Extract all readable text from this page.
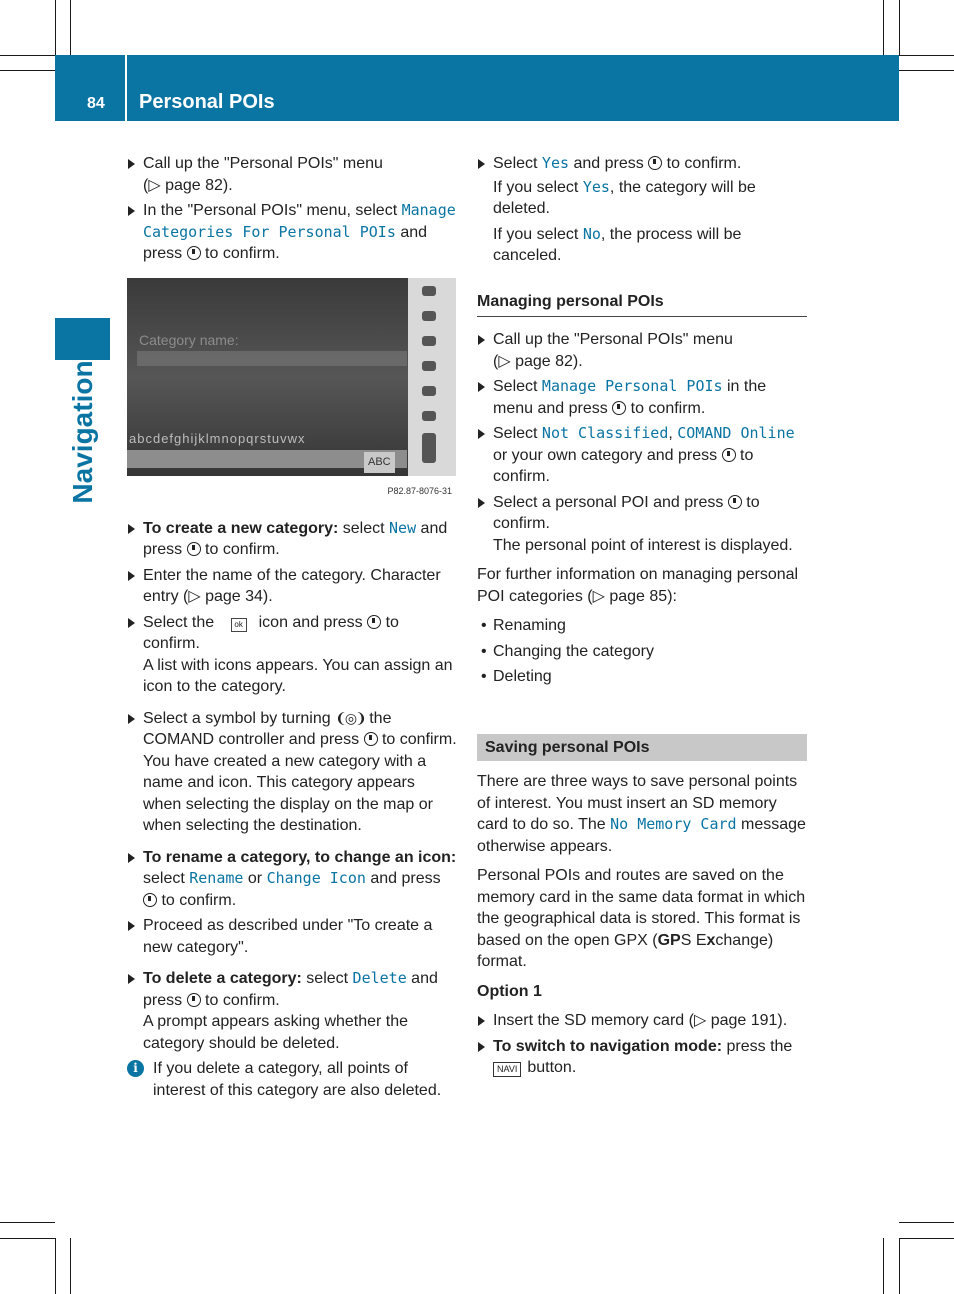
84 Personal POIs
Navigation
Call up the "Personal POIs" menu
(▷ page 82).
In the "Personal POIs" menu, select Manage Categories For Personal POIs and press  to confirm.
Category name:
abcdefghijklmnopqrstuvwx
ABC
P82.87-8076-31
To create a new category: select New and press  to confirm.
Enter the name of the category. Character entry (▷ page 34).
Select the ok icon and press  to confirm.
A list with icons appears. You can assign an icon to the category.
Select a symbol by turning ❨◎❩ the COMAND controller and press  to confirm.
You have created a new category with a name and icon. This category appears when selecting the display on the map or when selecting the destination.
To rename a category, to change an icon: select Rename or Change Icon and press  to confirm.
Proceed as described under "To create a new category".
To delete a category: select Delete and press  to confirm.
A prompt appears asking whether the category should be deleted.
i If you delete a category, all points of interest of this category are also deleted.
Select Yes and press  to confirm.
If you select Yes, the category will be deleted.
If you select No, the process will be canceled.
Managing personal POIs
Call up the "Personal POIs" menu
(▷ page 82).
Select Manage Personal POIs in the menu and press  to confirm.
Select Not Classified, COMAND Online or your own category and press  to confirm.
Select a personal POI and press  to confirm.
The personal point of interest is displayed.

For further information on managing personal POI categories (▷ page 85):

• Renaming
• Changing the category
• Deleting
Saving personal POIs

There are three ways to save personal points of interest. You must insert an SD memory card to do so. The No Memory Card message otherwise appears.

Personal POIs and routes are saved on the memory card in the same data format in which the geographical data is stored. This format is based on the open GPX (GPS Exchange) format.

Option 1

Insert the SD memory card (▷ page 191).
To switch to navigation mode: press the
NAVI button.
